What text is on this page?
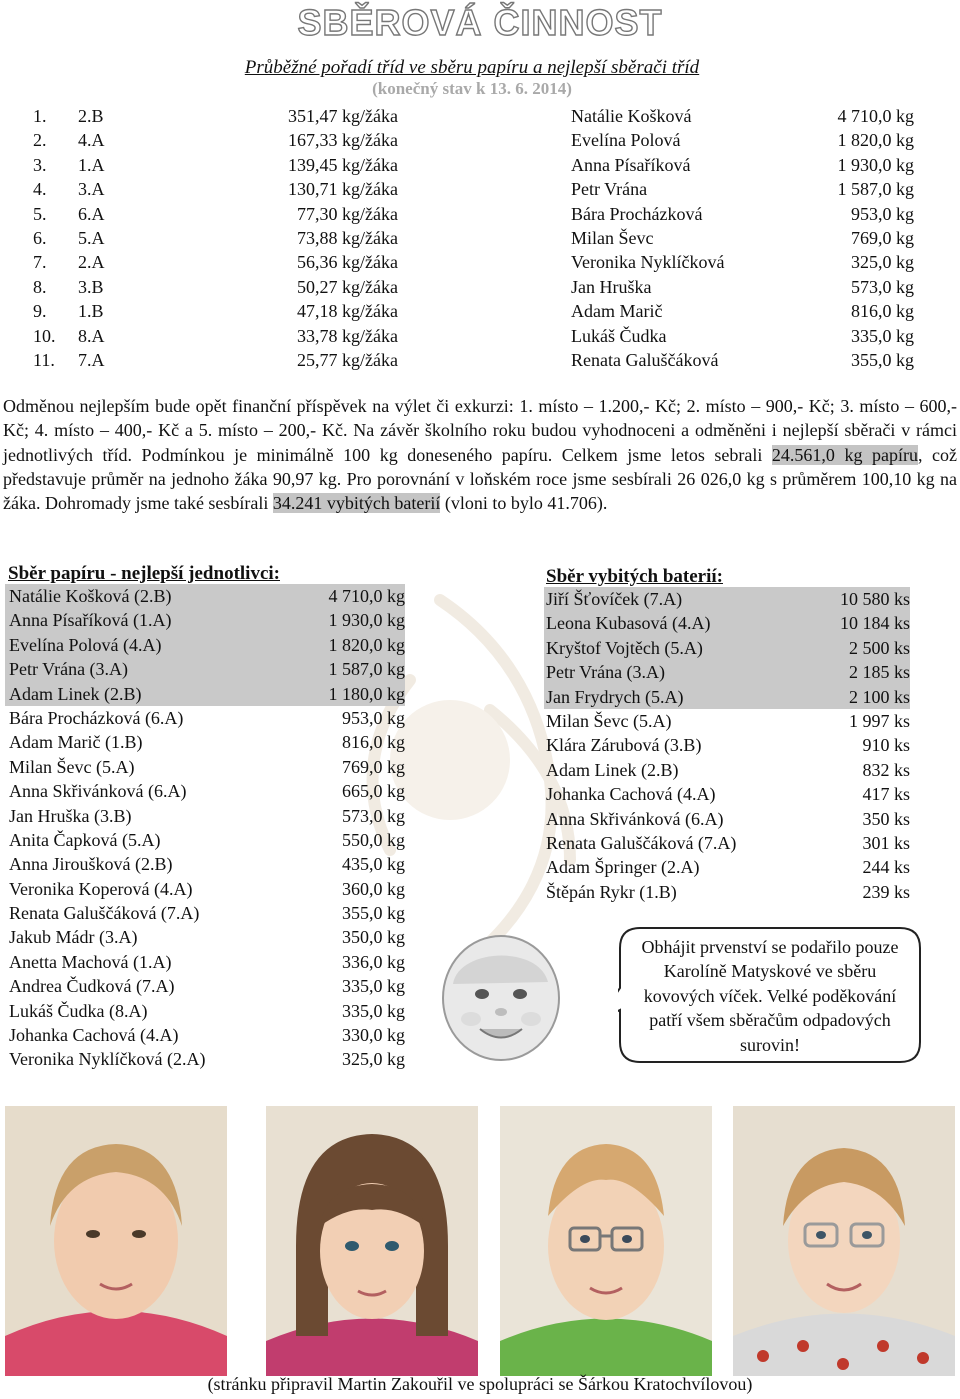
SBĚROVÁ ČINNOST
Průběžné pořadí tříd ve sběru papíru a nejlepší sběrači tříd
(konečný stav k 13. 6. 2014)
1. 2.B	351,47 kg/žáka	Natálie Košková	4 710,0 kg
2. 4.A	167,33 kg/žáka	Evelína Polová	1 820,0 kg
3. 1.A	139,45 kg/žáka	Anna Písaříková	1 930,0 kg
4. 3.A	130,71 kg/žáka	Petr Vrána	1 587,0 kg
5. 6.A	77,30 kg/žáka	Bára Procházková	953,0 kg
6. 5.A	73,88 kg/žáka	Milan Ševc	769,0 kg
7. 2.A	56,36 kg/žáka	Veronika Nyklíčková	325,0 kg
8. 3.B	50,27 kg/žáka	Jan Hruška	573,0 kg
9. 1.B	47,18 kg/žáka	Adam Marič	816,0 kg
10. 8.A	33,78 kg/žáka	Lukáš Čudka	335,0 kg
11. 7.A	25,77 kg/žáka	Renata Galuščáková	355,0 kg

Odměnou nejlepším bude opět finanční příspěvek na výlet či exkurzi: 1. místo – 1.200,- Kč; 2. místo – 900,- Kč; 3. místo – 600,- Kč; 4. místo – 400,- Kč a 5. místo – 200,- Kč. Na závěr školního roku budou vyhodnoceni a odměněni i nejlepší sběrači v rámci jednotlivých tříd. Podmínkou je minimálně 100 kg doneseného papíru. Celkem jsme letos sebrali 24.561,0 kg papíru, což představuje průměr na jednoho žáka 90,97 kg. Pro porovnání v loňském roce jsme sesbírali 26 026,0 kg s průměrem 100,10 kg na žáka. Dohromady jsme také sesbírali 34.241 vybitých baterií (vloni to bylo 41.706).

Sběr papíru - nejlepší jednotlivci:
Natálie Košková (2.B)	4 710,0 kg
Anna Písaříková (1.A)	1 930,0 kg
Evelína Polová (4.A)	1 820,0 kg
Petr Vrána (3.A)	1 587,0 kg
Adam Linek (2.B)	1 180,0 kg
Bára Procházková (6.A)	953,0 kg
Adam Marič (1.B)	816,0 kg
Milan Ševc (5.A)	769,0 kg
Anna Skřivánková (6.A)	665,0 kg
Jan Hruška (3.B)	573,0 kg
Anita Čapková (5.A)	550,0 kg
Anna Jiroušková (2.B)	435,0 kg
Veronika Koperová (4.A)	360,0 kg
Renata Galuščáková (7.A)	355,0 kg
Jakub Mádr (3.A)	350,0 kg
Anetta Machová (1.A)	336,0 kg
Andrea Čudková (7.A)	335,0 kg
Lukáš Čudka (8.A)	335,0 kg
Johanka Cachová (4.A)	330,0 kg
Veronika Nyklíčková (2.A)	325,0 kg
Sběr vybitých baterií:
Jiří Šťovíček (7.A)	10 580 ks
Leona Kubasová (4.A)	10 184 ks
Kryštof Vojtěch (5.A)	2 500 ks
Petr Vrána (3.A)	2 185 ks
Jan Frydrych (5.A)	2 100 ks
Milan Ševc (5.A)	1 997 ks
Klára Zárubová (3.B)	910 ks
Adam Linek (2.B)	832 ks
Johanka Cachová (4.A)	417 ks
Anna Skřivánková (6.A)	350 ks
Renata Galuščáková (7.A)	301 ks
Adam Špringer (2.A)	244 ks
Štěpán Rykr (1.B)	239 ks
Obhájit prvenství se podařilo pouze Karolíně Matyskové ve sběru kovových víček. Velké poděkování patří všem sběračům odpadových surovin!
(stránku připravil Martin Zakouřil ve spolupráci se Šárkou Kratochvílovou)
